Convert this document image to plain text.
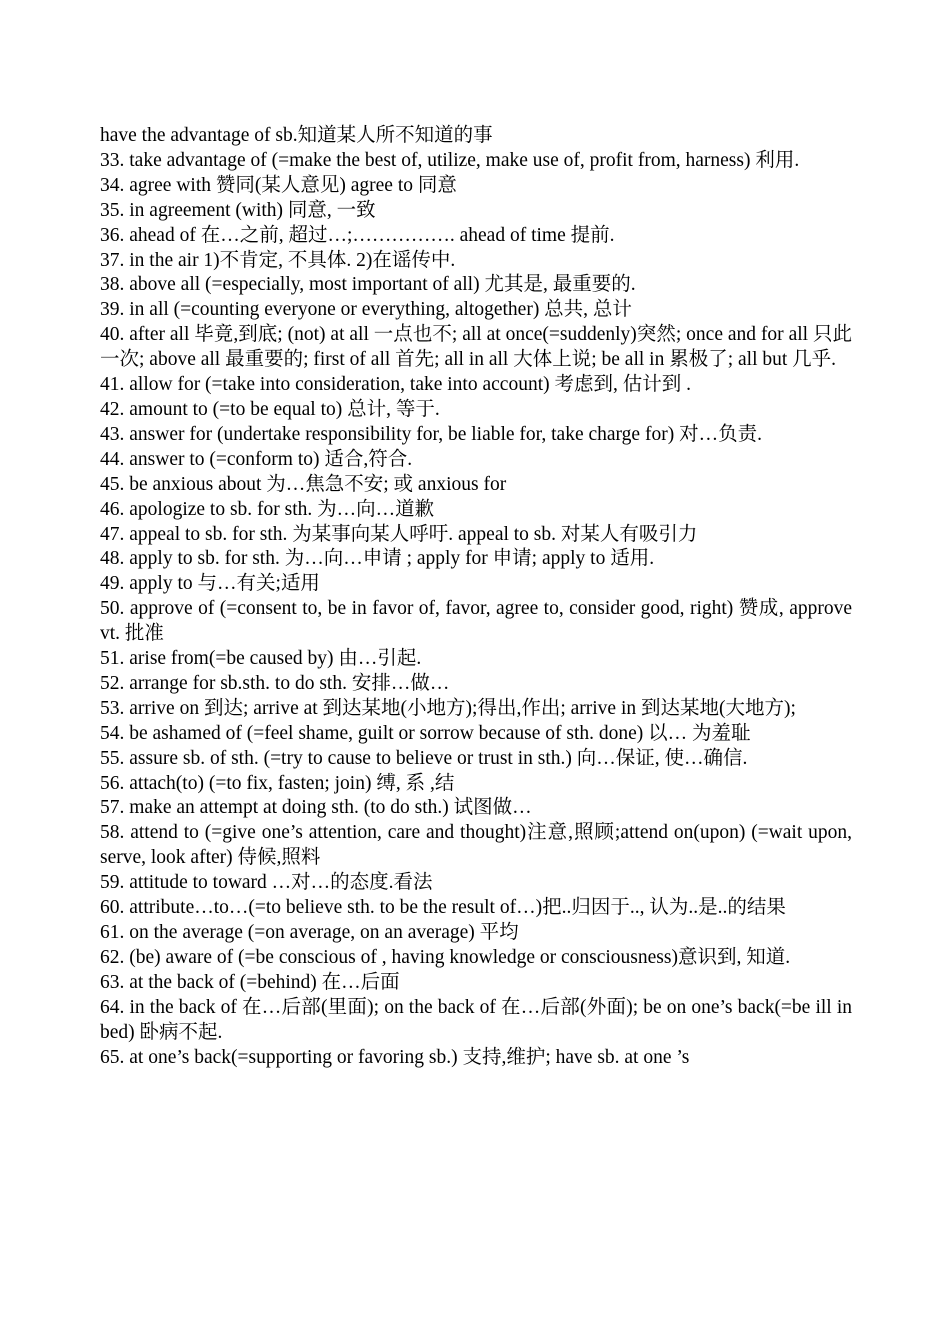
have the advantage of sb.知道某人所不知道的事
33. take advantage of (=make the best of, utilize, make use of, profit from, harness) 利用.
34. agree with 赞同(某人意见) agree to 同意
35. in agreement (with) 同意, 一致
36. ahead of 在…之前, 超过…;……………. ahead of time 提前.
37. in the air 1)不肯定, 不具体. 2)在谣传中.
38. above all (=especially, most important of all) 尤其是, 最重要的.
39. in all (=counting everyone or everything, altogether) 总共, 总计
40. after all 毕竟,到底; (not) at all 一点也不; all at once(=suddenly)突然; once and for all 只此一次; above all 最重要的; first of all 首先; all in all 大体上说; be all in 累极了; all but 几乎.
41. allow for (=take into consideration, take into account) 考虑到, 估计到 .
42. amount to (=to be equal to) 总计, 等于.
43. answer for (undertake responsibility for, be liable for, take charge for) 对…负责.
44. answer to (=conform to) 适合,符合.
45. be anxious about 为…焦急不安; 或 anxious for
46. apologize to sb. for sth. 为…向…道歉
47. appeal to sb. for sth. 为某事向某人呼吁. appeal to sb. 对某人有吸引力
48. apply to sb. for sth. 为…向…申请 ; apply for 申请; apply to 适用.
49. apply to 与…有关;适用
50. approve of (=consent to, be in favor of, favor, agree to, consider good, right) 赞成, approve vt. 批准
51. arise from(=be caused by) 由…引起.
52. arrange for sb.sth. to do sth. 安排…做…
53. arrive on 到达; arrive at 到达某地(小地方);得出,作出; arrive in 到达某地(大地方);
54. be ashamed of (=feel shame, guilt or sorrow because of sth. done) 以… 为羞耻
55. assure sb. of sth. (=try to cause to believe or trust in sth.) 向…保证, 使…确信.
56. attach(to) (=to fix, fasten; join) 缚, 系 ,结
57. make an attempt at doing sth. (to do sth.) 试图做…
58. attend to (=give one’s attention, care and thought)注意,照顾;attend on(upon) (=wait upon, serve, look after) 侍候,照料
59. attitude to toward …对…的态度.看法
60. attribute…to…(=to believe sth. to be the result of…)把..归因于.., 认为..是..的结果
61. on the average (=on average, on an average) 平均
62. (be) aware of (=be conscious of , having knowledge or consciousness)意识到, 知道.
63. at the back of (=behind) 在…后面
64. in the back of 在…后部(里面); on the back of 在…后部(外面); be on one’s back(=be ill in bed) 卧病不起.
65. at one’s back(=supporting or favoring sb.) 支持,维护; have sb. at one ’s
